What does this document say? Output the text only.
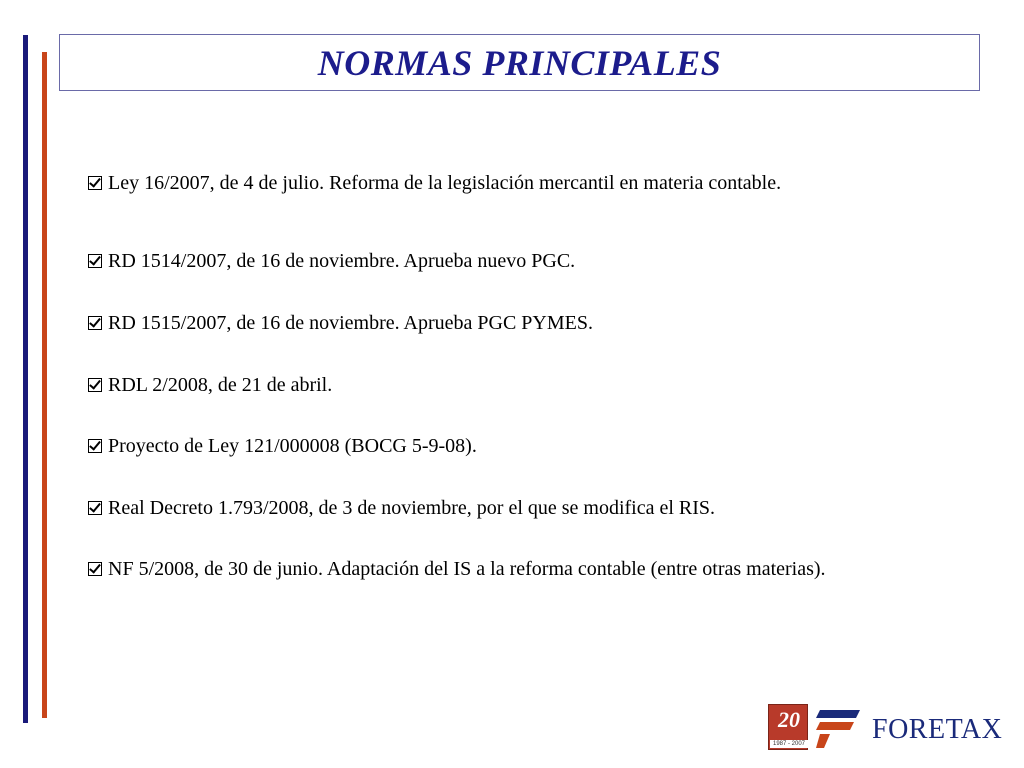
NORMAS PRINCIPALES
Ley 16/2007, de 4 de julio. Reforma de la legislación mercantil en materia contable.
RD 1514/2007, de 16 de noviembre. Aprueba nuevo PGC.
RD 1515/2007, de 16 de noviembre. Aprueba PGC PYMES.
RDL 2/2008, de 21 de abril.
Proyecto de Ley 121/000008 (BOCG 5-9-08).
Real Decreto 1.793/2008, de 3 de noviembre, por el que se modifica el RIS.
NF 5/2008, de 30 de junio. Adaptación del IS a la reforma contable (entre otras materias).
20
1987 - 2007 FORETAX
